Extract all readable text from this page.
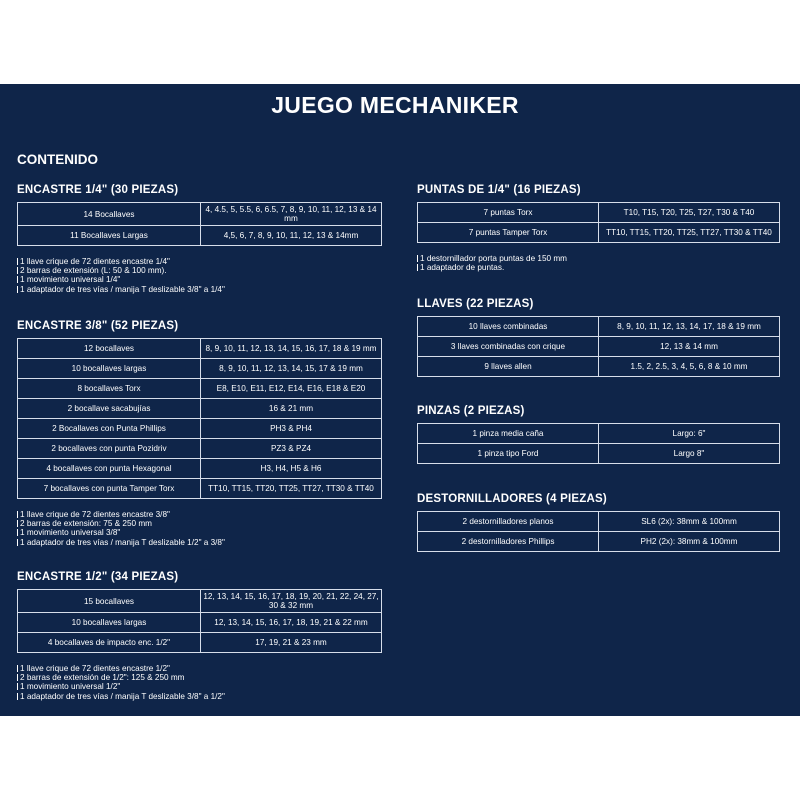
JUEGO MECHANIKER
CONTENIDO
ENCASTRE 1/4" (30 PIEZAS)
14 Bocallaves	4, 4.5, 5, 5.5, 6, 6.5, 7, 8, 9, 10, 11, 12, 13 & 14 mm
11 Bocallaves Largas	4,5, 6, 7, 8, 9, 10, 11, 12, 13 & 14mm
1 llave crique de 72 dientes encastre 1/4"
2 barras de extensión (L: 50 & 100 mm).
1 movimiento universal 1/4"
1 adaptador de tres vías / manija T deslizable 3/8" a 1/4"
ENCASTRE 3/8" (52 PIEZAS)
12 bocallaves	8, 9, 10, 11, 12, 13, 14, 15, 16, 17, 18 & 19 mm
10 bocallaves largas	8, 9, 10, 11, 12, 13, 14, 15, 17 & 19 mm
8 bocallaves Torx	E8, E10, E11, E12, E14, E16, E18 & E20
2 bocallave sacabujías	16 & 21 mm
2 Bocallaves con Punta Phillips	PH3 & PH4
2 bocallaves con punta Pozidriv	PZ3 & PZ4
4 bocallaves con punta Hexagonal	H3, H4, H5 & H6
7 bocallaves con punta Tamper Torx	TT10, TT15, TT20, TT25, TT27, TT30 & TT40
1 llave crique de 72 dientes encastre 3/8"
2 barras de extensión: 75 & 250 mm
1 movimiento universal 3/8"
1 adaptador de tres vías / manija T deslizable 1/2" a 3/8"
ENCASTRE 1/2" (34 PIEZAS)
15 bocallaves	12, 13, 14, 15, 16, 17, 18, 19, 20, 21, 22, 24, 27, 30 & 32 mm
10 bocallaves largas	12, 13, 14, 15, 16, 17, 18, 19, 21 & 22 mm
4 bocallaves de impacto enc. 1/2"	17, 19, 21 & 23 mm
1 llave crique de 72 dientes encastre 1/2"
2 barras de extensión de 1/2": 125 & 250 mm
1 movimiento universal 1/2"
1 adaptador de tres vías / manija T deslizable 3/8" a 1/2"
PUNTAS DE 1/4" (16 PIEZAS)
7 puntas Torx	T10, T15, T20, T25, T27, T30 & T40
7 puntas Tamper Torx	TT10, TT15, TT20, TT25, TT27, TT30 & TT40
1 destornillador porta puntas de 150 mm
1 adaptador de puntas.
LLAVES (22 PIEZAS)
10 llaves combinadas	8, 9, 10, 11, 12, 13, 14, 17, 18 & 19 mm
3 llaves combinadas con crique	12, 13 & 14 mm
9 llaves allen	1.5, 2, 2.5, 3, 4, 5, 6, 8 & 10 mm
PINZAS (2 PIEZAS)
1 pinza media caña	Largo: 6"
1 pinza tipo Ford	Largo 8"
DESTORNILLADORES (4 PIEZAS)
2 destornilladores planos	SL6 (2x): 38mm & 100mm
2 destornilladores Phillips	PH2 (2x): 38mm & 100mm
